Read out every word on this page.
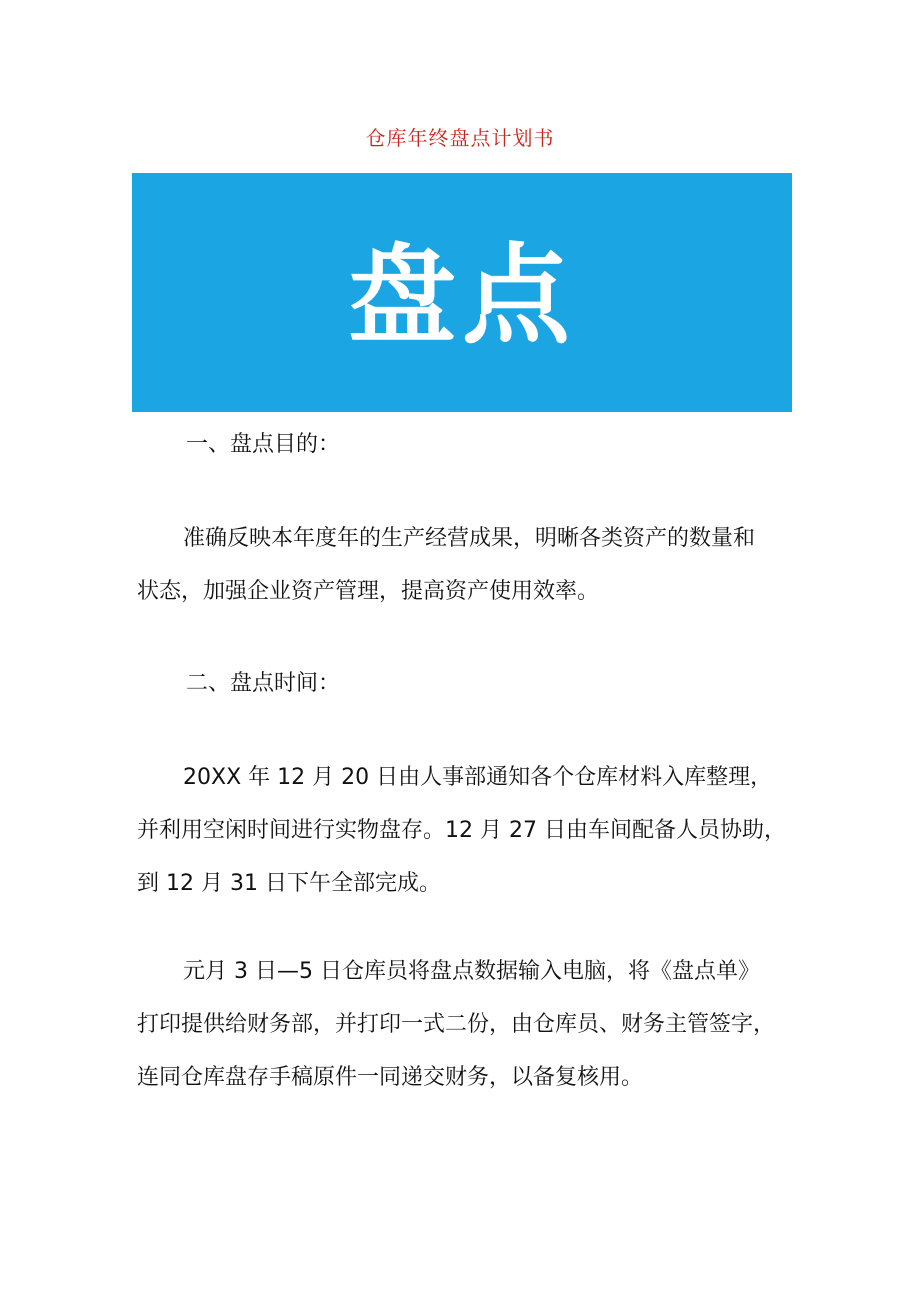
仓库年终盘点计划书
盘点
一、盘点目的：
准确反映本年度年的生产经营成果，明晰各类资产的数量和
状态，加强企业资产管理，提高资产使用效率。
二、盘点时间：
20XX 年 12 月 20 日由人事部通知各个仓库材料入库整理，
并利用空闲时间进行实物盘存。12 月 27 日由车间配备人员协助，
到 12 月 31 日下午全部完成。
元月 3 日—5 日仓库员将盘点数据输入电脑，将《盘点单》
打印提供给财务部，并打印一式二份，由仓库员、财务主管签字，
连同仓库盘存手稿原件一同递交财务，以备复核用。
